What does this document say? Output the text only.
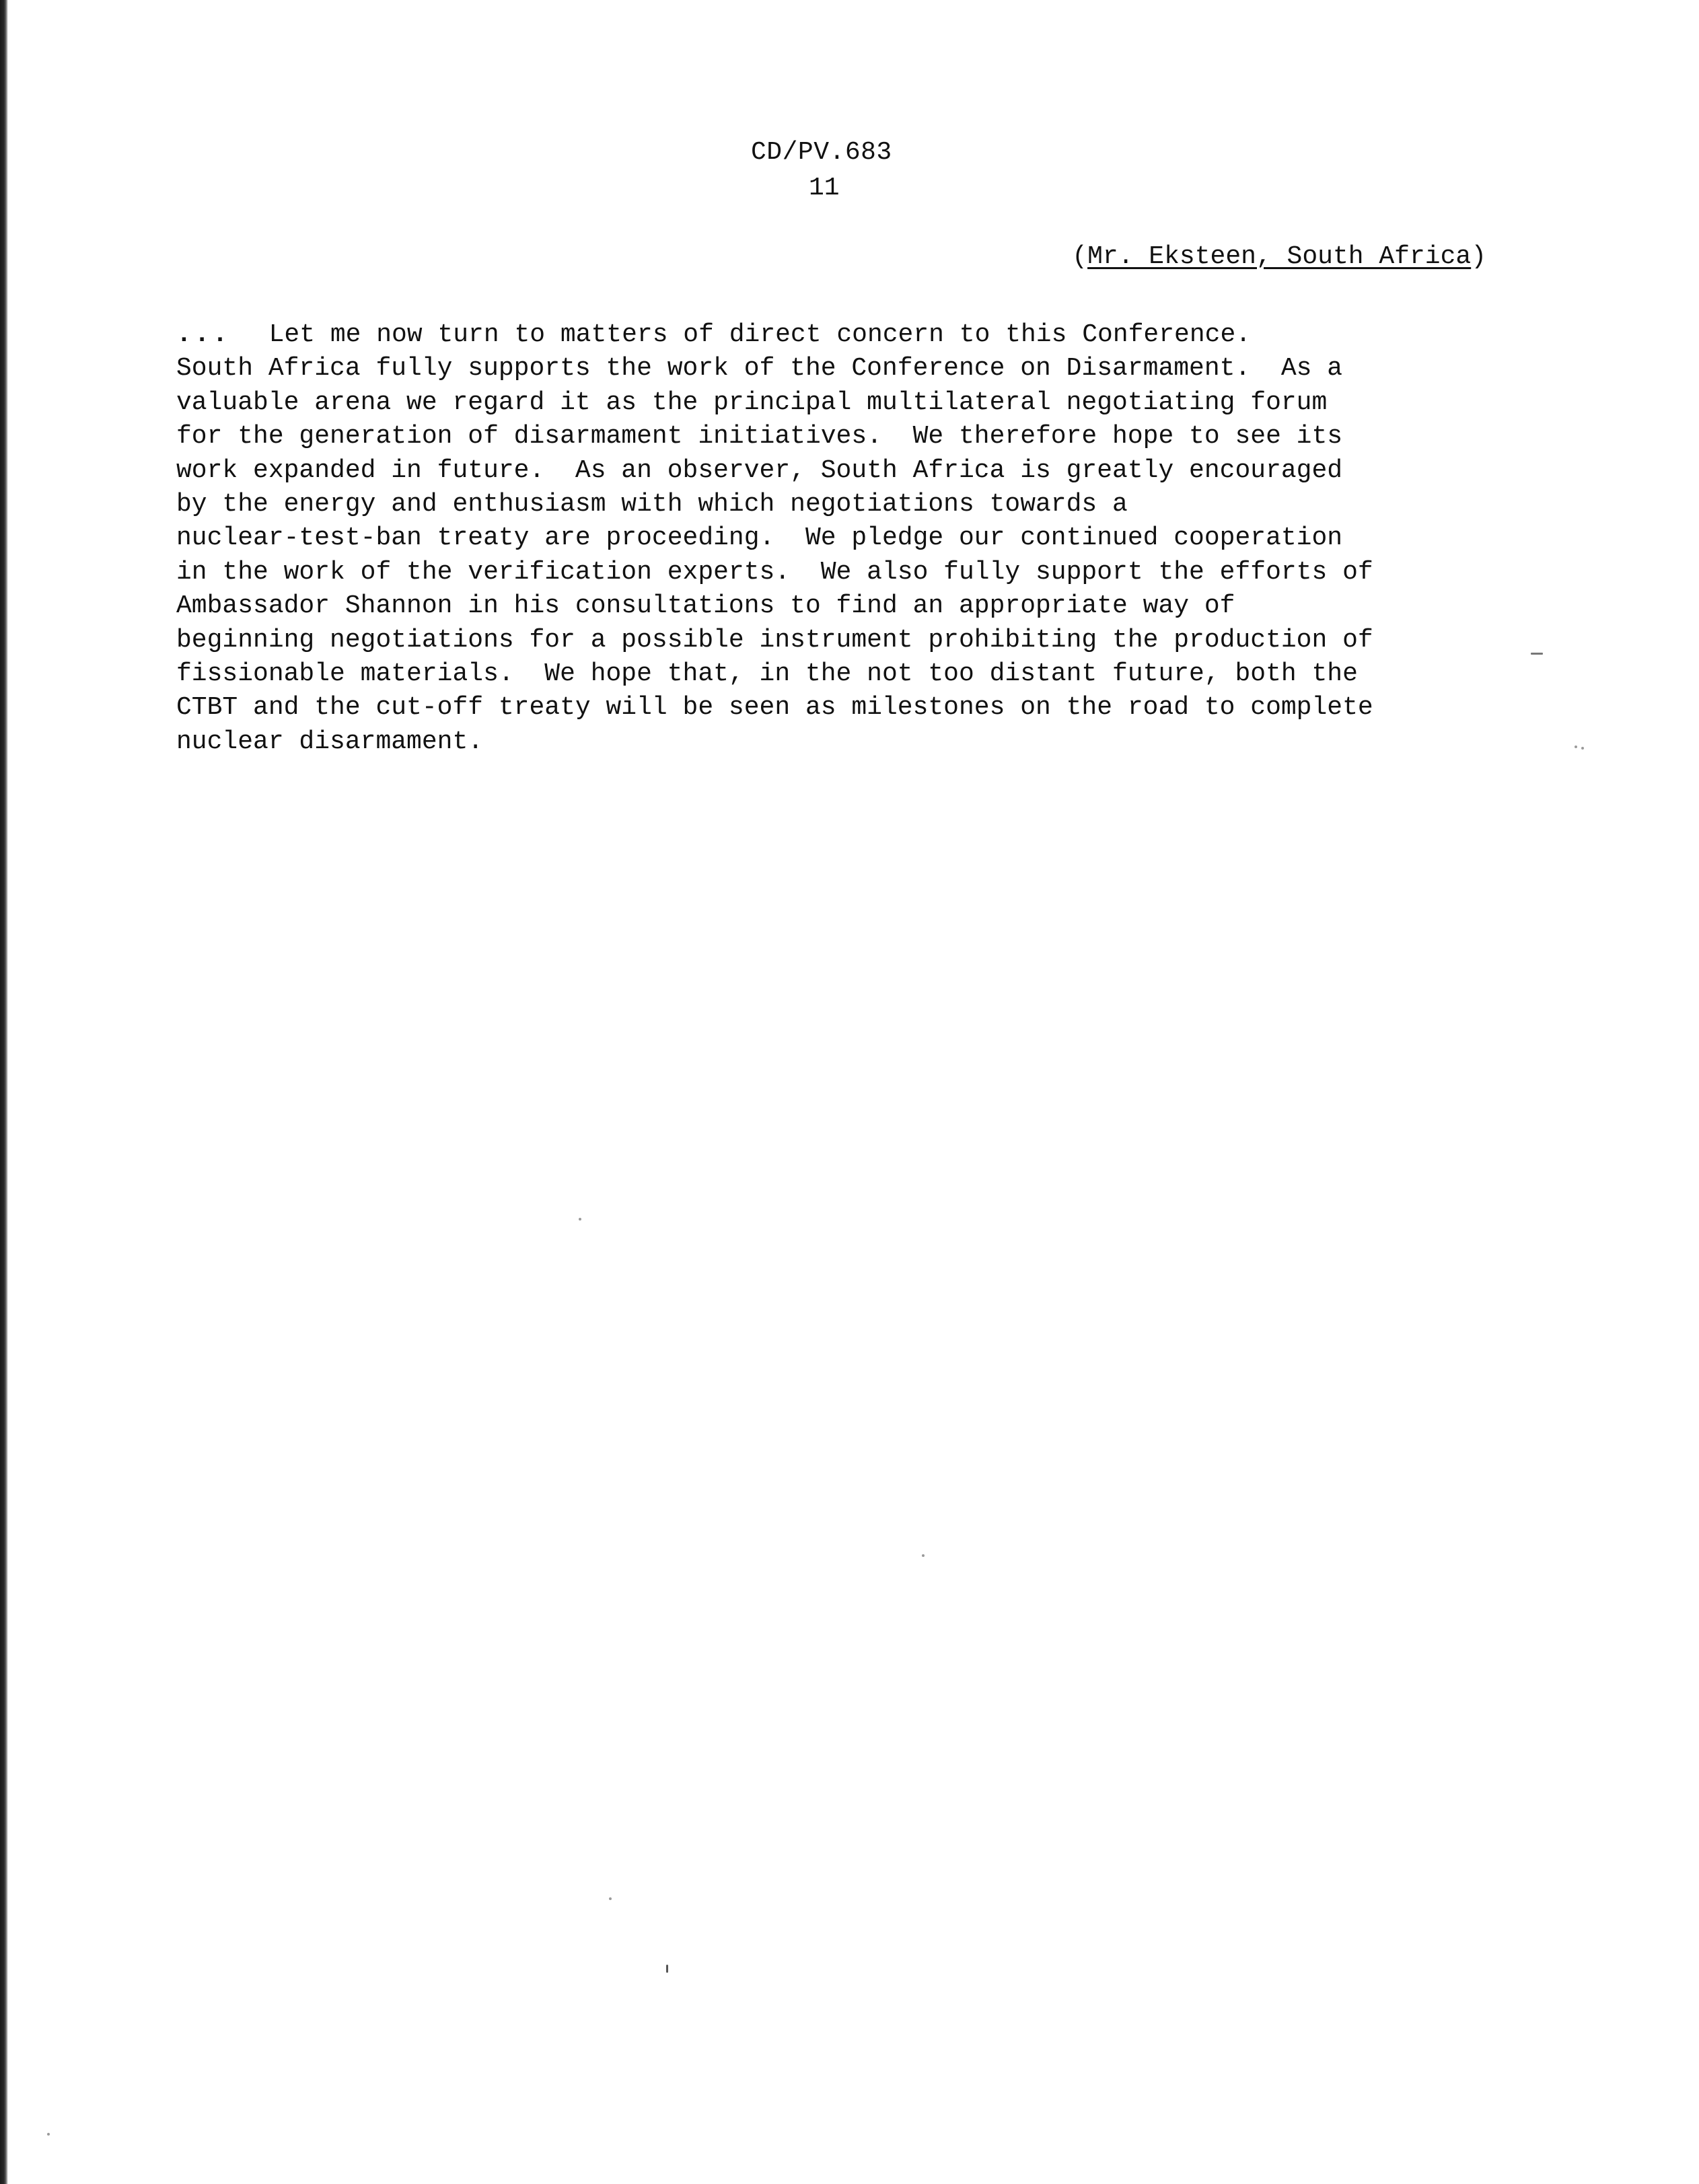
CD/PV.683
11
(Mr. Eksteen, South Africa)
... Let me now turn to matters of direct concern to this Conference.
South Africa fully supports the work of the Conference on Disarmament.  As a
valuable arena we regard it as the principal multilateral negotiating forum
for the generation of disarmament initiatives.  We therefore hope to see its
work expanded in future.  As an observer, South Africa is greatly encouraged
by the energy and enthusiasm with which negotiations towards a
nuclear-test-ban treaty are proceeding.  We pledge our continued cooperation
in the work of the verification experts.  We also fully support the efforts of
Ambassador Shannon in his consultations to find an appropriate way of
beginning negotiations for a possible instrument prohibiting the production of
fissionable materials.  We hope that, in the not too distant future, both the
CTBT and the cut-off treaty will be seen as milestones on the road to complete
nuclear disarmament.
